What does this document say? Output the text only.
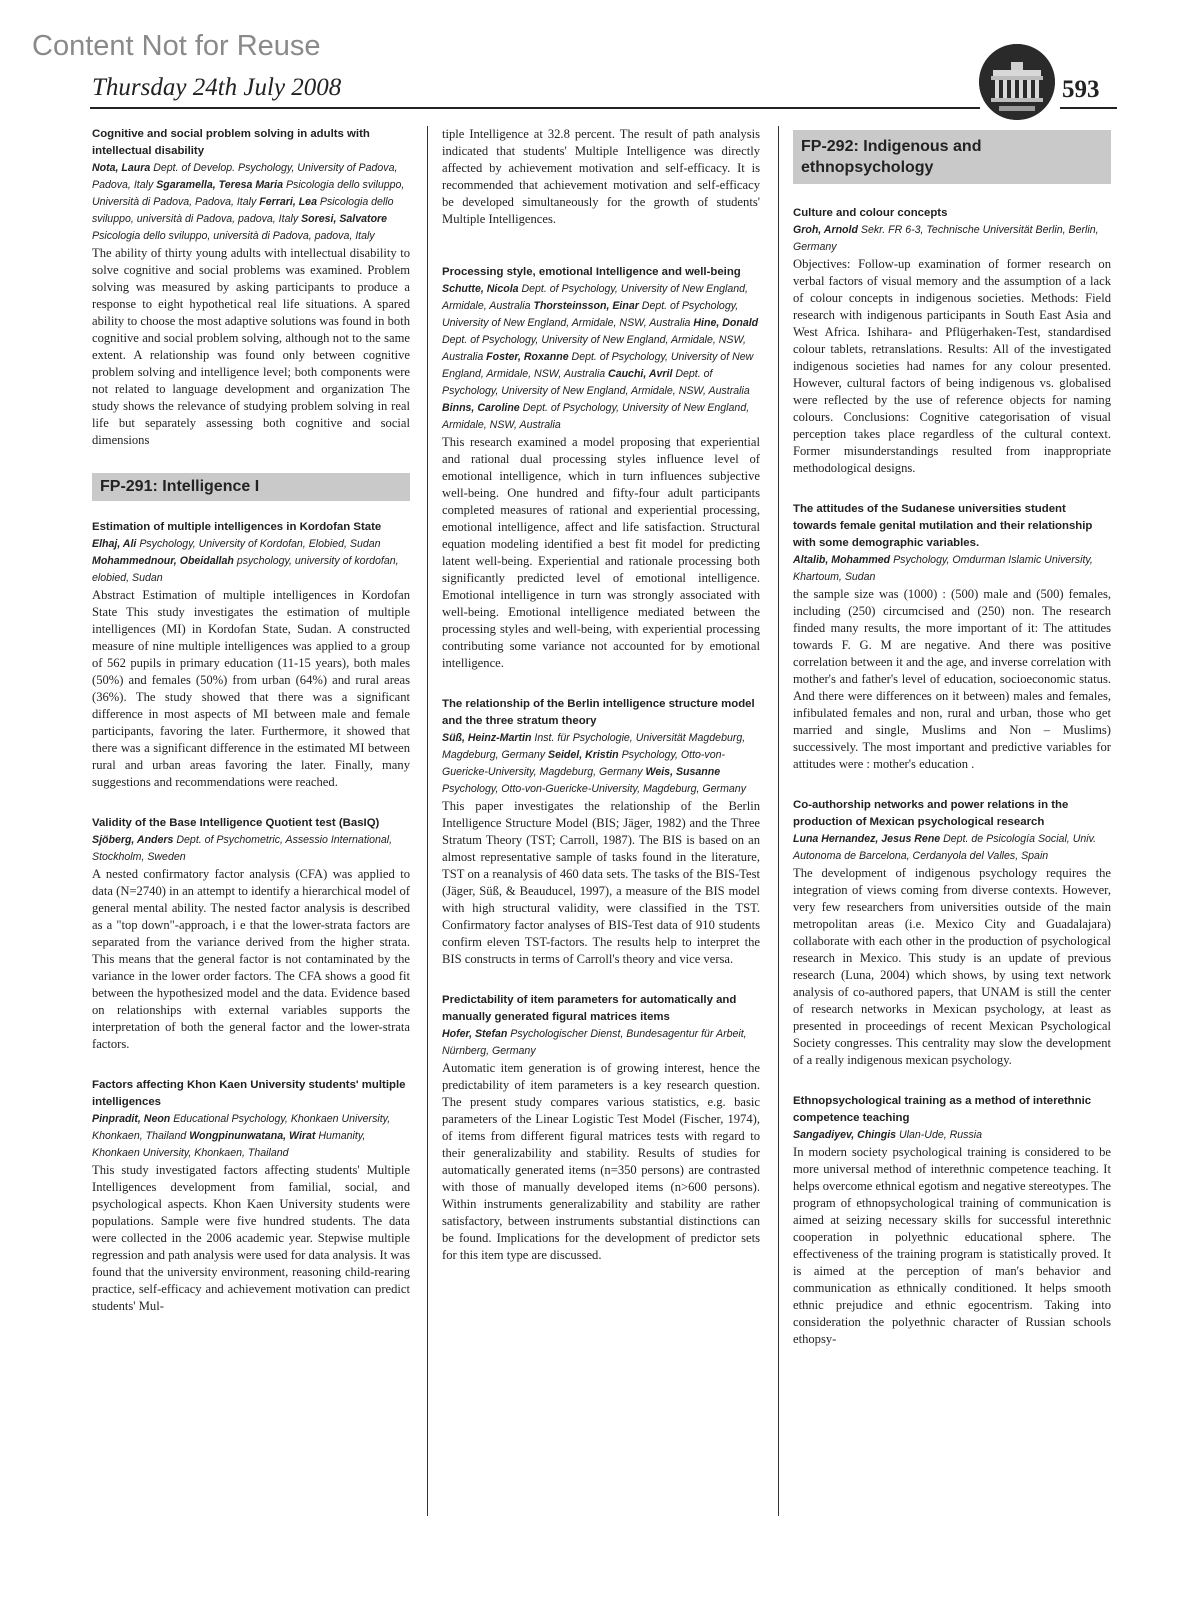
Content Not for Reuse
Thursday 24th July 2008	593
Cognitive and social problem solving in adults with intellectual disability
Nota, Laura Dept. of Develop. Psychology, University of Padova, Padova, Italy Sgaramella, Teresa Maria Psicologia dello sviluppo, Università di Padova, Padova, Italy Ferrari, Lea Psicologia dello sviluppo, università di Padova, padova, Italy Soresi, Salvatore Psicologia dello sviluppo, università di Padova, padova, Italy
The ability of thirty young adults with intellectual disability to solve cognitive and social problems was examined. Problem solving was measured by asking participants to produce a response to eight hypothetical real life situations. A spared ability to choose the most adaptive solutions was found in both cognitive and social problem solving, although not to the same extent. A relationship was found only between cognitive problem solving and intelligence level; both components were not related to language development and organization The study shows the relevance of studying problem solving in real life but separately assessing both cognitive and social dimensions
FP-291: Intelligence I
Estimation of multiple intelligences in Kordofan State
Elhaj, Ali Psychology, University of Kordofan, Elobied, Sudan Mohammednour, Obeidallah psychology, university of kordofan, elobied, Sudan
Abstract Estimation of multiple intelligences in Kordofan State This study investigates the estimation of multiple intelligences (MI) in Kordofan State, Sudan. A constructed measure of nine multiple intelligences was applied to a group of 562 pupils in primary education (11-15 years), both males (50%) and females (50%) from urban (64%) and rural areas (36%). The study showed that there was a significant difference in most aspects of MI between male and female participants, favoring the later. Furthermore, it showed that there was a significant difference in the estimated MI between rural and urban areas favoring the later. Finally, many suggestions and recommendations were reached.
Validity of the Base Intelligence Quotient test (BasIQ)
Sjöberg, Anders Dept. of Psychometric, Assessio International, Stockholm, Sweden
A nested confirmatory factor analysis (CFA) was applied to data (N=2740) in an attempt to identify a hierarchical model of general mental ability. The nested factor analysis is described as a "top down"-approach, i e that the lower-strata factors are separated from the variance derived from the higher strata. This means that the general factor is not contaminated by the variance in the lower order factors. The CFA shows a good fit between the hypothesized model and the data. Evidence based on relationships with external variables supports the interpretation of both the general factor and the lower-strata factors.
Factors affecting Khon Kaen University students' multiple intelligences
Pinpradit, Neon Educational Psychology, Khonkaen University, Khonkaen, Thailand Wongpinunwatana, Wirat Humanity, Khonkaen University, Khonkaen, Thailand
This study investigated factors affecting students' Multiple Intelligences development from familial, social, and psychological aspects. Khon Kaen University students were populations. Sample were five hundred students. The data were collected in the 2006 academic year. Stepwise multiple regression and path analysis were used for data analysis. It was found that the university environment, reasoning child-rearing practice, self-efficacy and achievement motivation can predict students' Mul-
tiple Intelligence at 32.8 percent. The result of path analysis indicated that students' Multiple Intelligence was directly affected by achievement motivation and self-efficacy. It is recommended that achievement motivation and self-efficacy be developed simultaneously for the growth of students' Multiple Intelligences.
Processing style, emotional Intelligence and well-being
Schutte, Nicola Dept. of Psychology, University of New England, Armidale, Australia Thorsteinsson, Einar Dept. of Psychology, University of New England, Armidale, NSW, Australia Hine, Donald Dept. of Psychology, University of New England, Armidale, NSW, Australia Foster, Roxanne Dept. of Psychology, University of New England, Armidale, NSW, Australia Cauchi, Avril Dept. of Psychology, University of New England, Armidale, NSW, Australia Binns, Caroline Dept. of Psychology, University of New England, Armidale, NSW, Australia
This research examined a model proposing that experiential and rational dual processing styles influence level of emotional intelligence, which in turn influences subjective well-being. One hundred and fifty-four adult participants completed measures of rational and experiential processing, emotional intelligence, affect and life satisfaction. Structural equation modeling identified a best fit model for predicting latent well-being. Experiential and rationale processing both significantly predicted level of emotional intelligence. Emotional intelligence in turn was strongly associated with well-being. Emotional intelligence mediated between the processing styles and well-being, with experiential processing contributing some variance not accounted for by emotional intelligence.
The relationship of the Berlin intelligence structure model and the three stratum theory
Süß, Heinz-Martin Inst. für Psychologie, Universität Magdeburg, Magdeburg, Germany Seidel, Kristin Psychology, Otto-von-Guericke-University, Magdeburg, Germany Weis, Susanne Psychology, Otto-von-Guericke-University, Magdeburg, Germany
This paper investigates the relationship of the Berlin Intelligence Structure Model (BIS; Jäger, 1982) and the Three Stratum Theory (TST; Carroll, 1987). The BIS is based on an almost representative sample of tasks found in the literature, TST on a reanalysis of 460 data sets. The tasks of the BIS-Test (Jäger, Süß, & Beauducel, 1997), a measure of the BIS model with high structural validity, were classified in the TST. Confirmatory factor analyses of BIS-Test data of 910 students confirm eleven TST-factors. The results help to interpret the BIS constructs in terms of Carroll's theory and vice versa.
Predictability of item parameters for automatically and manually generated figural matrices items
Hofer, Stefan Psychologischer Dienst, Bundesagentur für Arbeit, Nürnberg, Germany
Automatic item generation is of growing interest, hence the predictability of item parameters is a key research question. The present study compares various statistics, e.g. basic parameters of the Linear Logistic Test Model (Fischer, 1974), of items from different figural matrices tests with regard to their generalizability and stability. Results of studies for automatically generated items (n=350 persons) are contrasted with those of manually developed items (n>600 persons). Within instruments generalizability and stability are rather satisfactory, between instruments substantial distinctions can be found. Implications for the development of predictor sets for this item type are discussed.
FP-292: Indigenous and ethnopsychology
Culture and colour concepts
Groh, Arnold Sekr. FR 6-3, Technische Universität Berlin, Berlin, Germany
Objectives: Follow-up examination of former research on verbal factors of visual memory and the assumption of a lack of colour concepts in indigenous societies. Methods: Field research with indigenous participants in South East Asia and West Africa. Ishihara- and Pflügerhaken-Test, standardised colour tablets, retranslations. Results: All of the investigated indigenous societies had names for any colour presented. However, cultural factors of being indigenous vs. globalised were reflected by the use of reference objects for naming colours. Conclusions: Cognitive categorisation of visual perception takes place regardless of the cultural context. Former misunderstandings resulted from inappropriate methodological designs.
The attitudes of the Sudanese universities student towards female genital mutilation and their relationship with some demographic variables.
Altalib, Mohammed Psychology, Omdurman Islamic University, Khartoum, Sudan
the sample size was (1000) : (500) male and (500) females, including (250) circumcised and (250) non. The research finded many results, the more important of it: The attitudes towards F. G. M are negative. And there was positive correlation between it and the age, and inverse correlation with mother's and father's level of education, socioeconomic status. And there were differences on it between) males and females, infibulated females and non, rural and urban, those who get married and single, Muslims and Non – Muslims) successively. The most important and predictive variables for attitudes were : mother's education .
Co-authorship networks and power relations in the production of Mexican psychological research
Luna Hernandez, Jesus Rene Dept. de Psicología Social, Univ. Autonoma de Barcelona, Cerdanyola del Valles, Spain
The development of indigenous psychology requires the integration of views coming from diverse contexts. However, very few researchers from universities outside of the main metropolitan areas (i.e. Mexico City and Guadalajara) collaborate with each other in the production of psychological research in Mexico. This study is an update of previous research (Luna, 2004) which shows, by using text network analysis of co-authored papers, that UNAM is still the center of research networks in Mexican psychology, at least as presented in proceedings of recent Mexican Psychological Society congresses. This centrality may slow the development of a really indigenous mexican psychology.
Ethnopsychological training as a method of interethnic competence teaching
Sangadiyev, Chingis Ulan-Ude, Russia
In modern society psychological training is considered to be more universal method of interethnic competence teaching. It helps overcome ethnical egotism and negative stereotypes. The program of ethnopsychological training of communication is aimed at seizing necessary skills for successful interethnic cooperation in polyethnic educational sphere. The effectiveness of the training program is statistically proved. It is aimed at the perception of man's behavior and communication as ethnically conditioned. It helps smooth ethnic prejudice and ethnic egocentrism. Taking into consideration the polyethnic character of Russian schools ethopsy-
